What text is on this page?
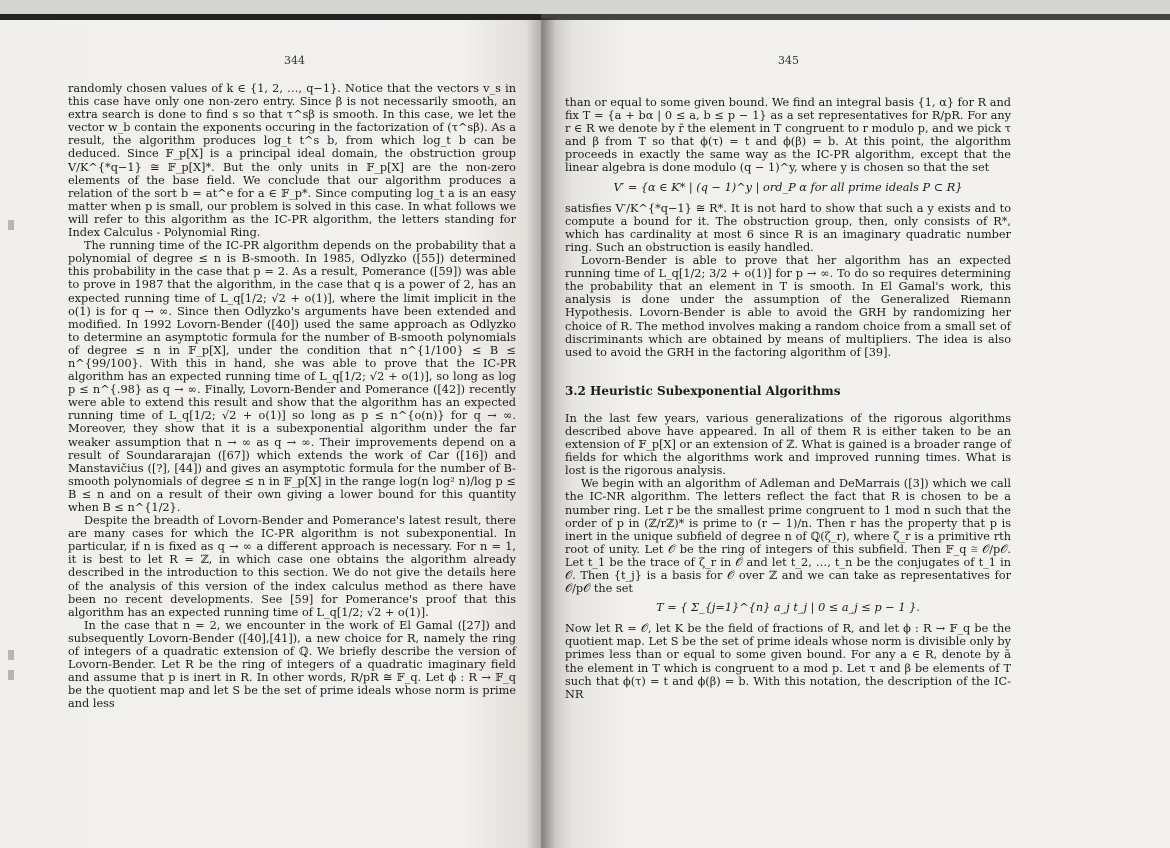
344

randomly chosen values of k ∈ {1, 2, …, q−1}. Notice that the vectors v_s in this case have only one non-zero entry. Since β is not necessarily smooth, an extra search is done to find s so that τ^sβ is smooth. In this case, we let the vector w_b contain the exponents occuring in the factorization of (τ^sβ). As a result, the algorithm produces log_t t^s b, from which log_t b can be deduced. Since 𝔽_p[X] is a principal ideal domain, the obstruction group V/K^{*q−1} ≅ 𝔽_p[X]*. But the only units in 𝔽_p[X] are the non-zero elements of the base field. We conclude that our algorithm produces a relation of the sort b = at^e for a ∈ 𝔽_p*. Since computing log_t a is an easy matter when p is small, our problem is solved in this case. In what follows we will refer to this algorithm as the IC-PR algorithm, the letters standing for Index Calculus - Polynomial Ring.

The running time of the IC-PR algorithm depends on the probability that a polynomial of degree ≤ n is B-smooth. In 1985, Odlyzko ([55]) determined this probability in the case that p = 2. As a result, Pomerance ([59]) was able to prove in 1987 that the algorithm, in the case that q is a power of 2, has an expected running time of L_q[1/2; √2 + o(1)], where the limit implicit in the o(1) is for q → ∞. Since then Odlyzko's arguments have been extended and modified. In 1992 Lovorn-Bender ([40]) used the same approach as Odlyzko to determine an asymptotic formula for the number of B-smooth polynomials of degree ≤ n in 𝔽_p[X], under the condition that n^{1/100} ≤ B ≤ n^{99/100}. With this in hand, she was able to prove that the IC-PR algorithm has an expected running time of L_q[1/2; √2 + o(1)], so long as log p ≤ n^{.98} as q → ∞. Finally, Lovorn-Bender and Pomerance ([42]) recently were able to extend this result and show that the algorithm has an expected running time of L_q[1/2; √2 + o(1)] so long as p ≤ n^{o(n)} for q → ∞. Moreover, they show that it is a subexponential algorithm under the far weaker assumption that n → ∞ as q → ∞. Their improvements depend on a result of Soundararajan ([67]) which extends the work of Car ([16]) and Manstavičius ([?], [44]) and gives an asymptotic formula for the number of B-smooth polynomials of degree ≤ n in 𝔽_p[X] in the range log(n log² n)/log p ≤ B ≤ n and on a result of their own giving a lower bound for this quantity when B ≤ n^{1/2}.

Despite the breadth of Lovorn-Bender and Pomerance's latest result, there are many cases for which the IC-PR algorithm is not subexponential. In particular, if n is fixed as q → ∞ a different approach is necessary. For n = 1, it is best to let R = ℤ, in which case one obtains the algorithm already described in the introduction to this section. We do not give the details here of the analysis of this version of the index calculus method as there have been no recent developments. See [59] for Pomerance's proof that this algorithm has an expected running time of L_q[1/2; √2 + o(1)].

In the case that n = 2, we encounter in the work of El Gamal ([27]) and subsequently Lovorn-Bender ([40],[41]), a new choice for R, namely the ring of integers of a quadratic extension of ℚ. We briefly describe the version of Lovorn-Bender. Let R be the ring of integers of a quadratic imaginary field and assume that p is inert in R. In other words, R/pR ≅ 𝔽_q. Let ϕ : R → 𝔽_q be the quotient map and let S be the set of prime ideals whose norm is prime and less

345

than or equal to some given bound. We find an integral basis {1, α} for R and fix T = {a + bα | 0 ≤ a, b ≤ p − 1} as a set representatives for R/pR. For any r ∈ R we denote by r̄ the element in T congruent to r modulo p, and we pick τ and β from T so that ϕ(τ) = t and ϕ(β) = b. At this point, the algorithm proceeds in exactly the same way as the IC-PR algorithm, except that the linear algebra is done modulo (q − 1)^y, where y is chosen so that the set

V′ = {α ∈ K* | (q − 1)^y | ord_P α for all prime ideals P ⊂ R}

satisfies V′/K^{*q−1} ≅ R*. It is not hard to show that such a y exists and to compute a bound for it. The obstruction group, then, only consists of R*, which has cardinality at most 6 since R is an imaginary quadratic number ring. Such an obstruction is easily handled.

Lovorn-Bender is able to prove that her algorithm has an expected running time of L_q[1/2; 3/2 + o(1)] for p → ∞. To do so requires determining the probability that an element in T is smooth. In El Gamal's work, this analysis is done under the assumption of the Generalized Riemann Hypothesis. Lovorn-Bender is able to avoid the GRH by randomizing her choice of R. The method involves making a random choice from a small set of discriminants which are obtained by means of multipliers. The idea is also used to avoid the GRH in the factoring algorithm of [39].

3.2 Heuristic Subexponential Algorithms

In the last few years, various generalizations of the rigorous algorithms described above have appeared. In all of them R is either taken to be an extension of 𝔽_p[X] or an extension of ℤ. What is gained is a broader range of fields for which the algorithms work and improved running times. What is lost is the rigorous analysis.

We begin with an algorithm of Adleman and DeMarrais ([3]) which we call the IC-NR algorithm. The letters reflect the fact that R is chosen to be a number ring. Let r be the smallest prime congruent to 1 mod n such that the order of p in (ℤ/rℤ)* is prime to (r − 1)/n. Then r has the property that p is inert in the unique subfield of degree n of ℚ(ζ_r), where ζ_r is a primitive rth root of unity. Let 𝒪 be the ring of integers of this subfield. Then 𝔽_q ≅ 𝒪/p𝒪. Let t_1 be the trace of ζ_r in 𝒪 and let t_2, …, t_n be the conjugates of t_1 in 𝒪. Then {t_j} is a basis for 𝒪 over ℤ and we can take as representatives for 𝒪/p𝒪 the set

T = { Σ_{j=1}^{n} a_j t_j | 0 ≤ a_j ≤ p − 1 }.

Now let R = 𝒪, let K be the field of fractions of R, and let ϕ : R → 𝔽_q be the quotient map. Let S be the set of prime ideals whose norm is divisible only by primes less than or equal to some given bound. For any a ∈ R, denote by ā the element in T which is congruent to a mod p. Let τ and β be elements of T such that ϕ(τ) = t and ϕ(β) = b. With this notation, the description of the IC-NR
